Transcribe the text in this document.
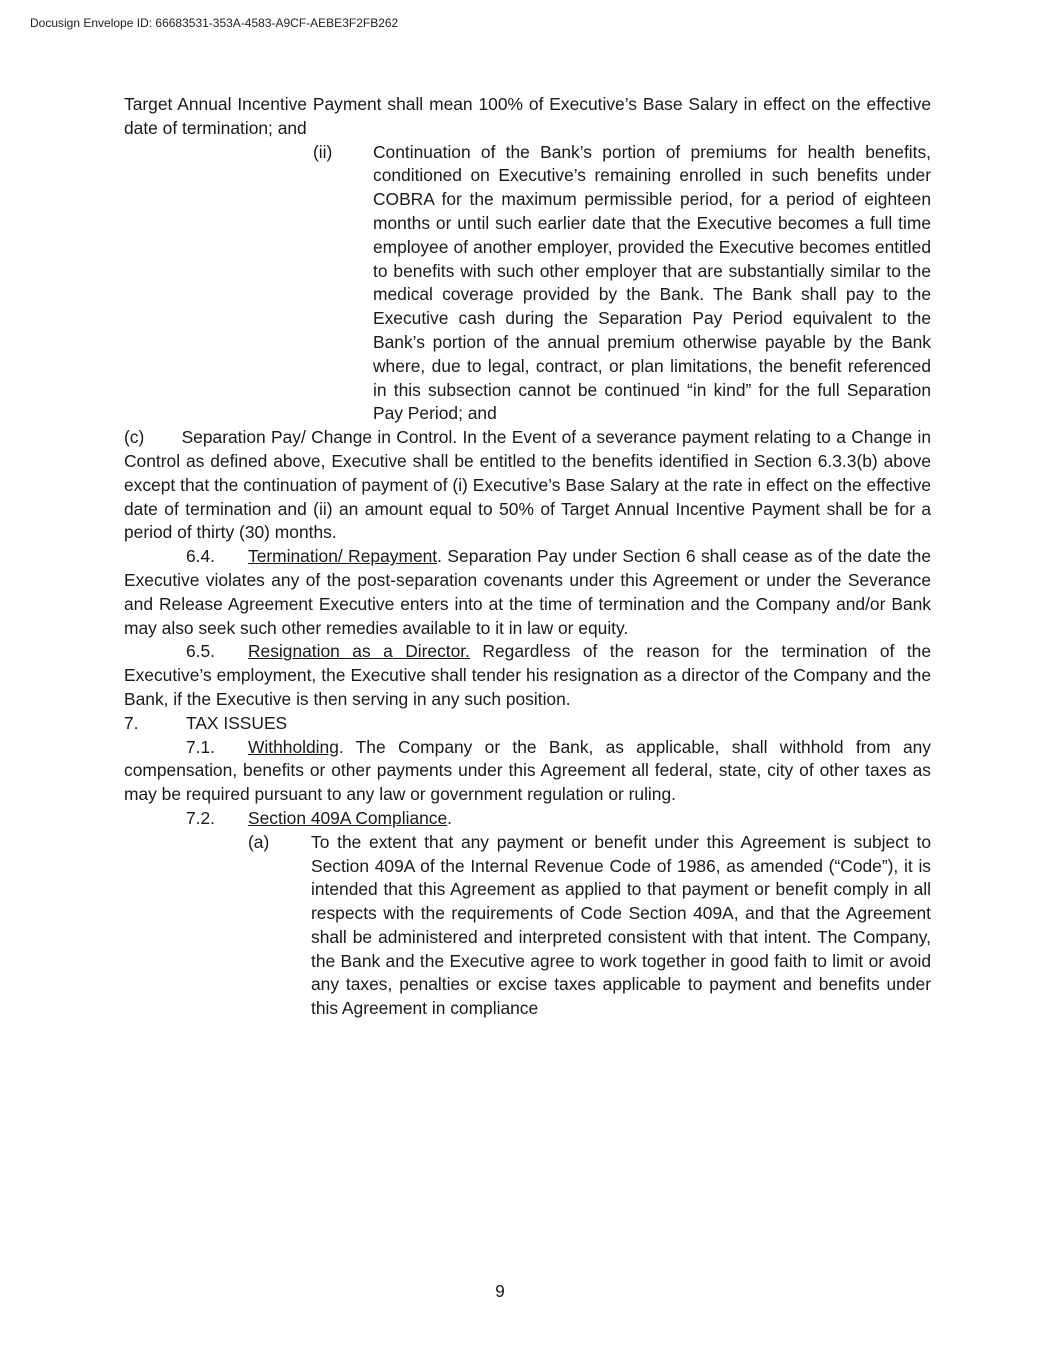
Docusign Envelope ID: 66683531-353A-4583-A9CF-AEBE3F2FB262

Target Annual Incentive Payment shall mean 100% of Executive’s Base Salary in effect on the effective date of termination; and

(ii) Continuation of the Bank’s portion of premiums for health benefits, conditioned on Executive’s remaining enrolled in such benefits under COBRA for the maximum permissible period, for a period of eighteen months or until such earlier date that the Executive becomes a full time employee of another employer, provided the Executive becomes entitled to benefits with such other employer that are substantially similar to the medical coverage provided by the Bank. The Bank shall pay to the Executive cash during the Separation Pay Period equivalent to the Bank’s portion of the annual premium otherwise payable by the Bank where, due to legal, contract, or plan limitations, the benefit referenced in this subsection cannot be continued “in kind” for the full Separation Pay Period; and

(c) Separation Pay/ Change in Control. In the Event of a severance payment relating to a Change in Control as defined above, Executive shall be entitled to the benefits identified in Section 6.3.3(b) above except that the continuation of payment of (i) Executive’s Base Salary at the rate in effect on the effective date of termination and (ii) an amount equal to 50% of Target Annual Incentive Payment shall be for a period of thirty (30) months.

6.4. Termination/ Repayment. Separation Pay under Section 6 shall cease as of the date the Executive violates any of the post-separation covenants under this Agreement or under the Severance and Release Agreement Executive enters into at the time of termination and the Company and/or Bank may also seek such other remedies available to it in law or equity.

6.5. Resignation as a Director. Regardless of the reason for the termination of the Executive’s employment, the Executive shall tender his resignation as a director of the Company and the Bank, if the Executive is then serving in any such position.

7.	TAX ISSUES

7.1. Withholding. The Company or the Bank, as applicable, shall withhold from any compensation, benefits or other payments under this Agreement all federal, state, city of other taxes as may be required pursuant to any law or government regulation or ruling.

7.2. Section 409A Compliance.

(a) To the extent that any payment or benefit under this Agreement is subject to Section 409A of the Internal Revenue Code of 1986, as amended (“Code”), it is intended that this Agreement as applied to that payment or benefit comply in all respects with the requirements of Code Section 409A, and that the Agreement shall be administered and interpreted consistent with that intent. The Company, the Bank and the Executive agree to work together in good faith to limit or avoid any taxes, penalties or excise taxes applicable to payment and benefits under this Agreement in compliance

9
